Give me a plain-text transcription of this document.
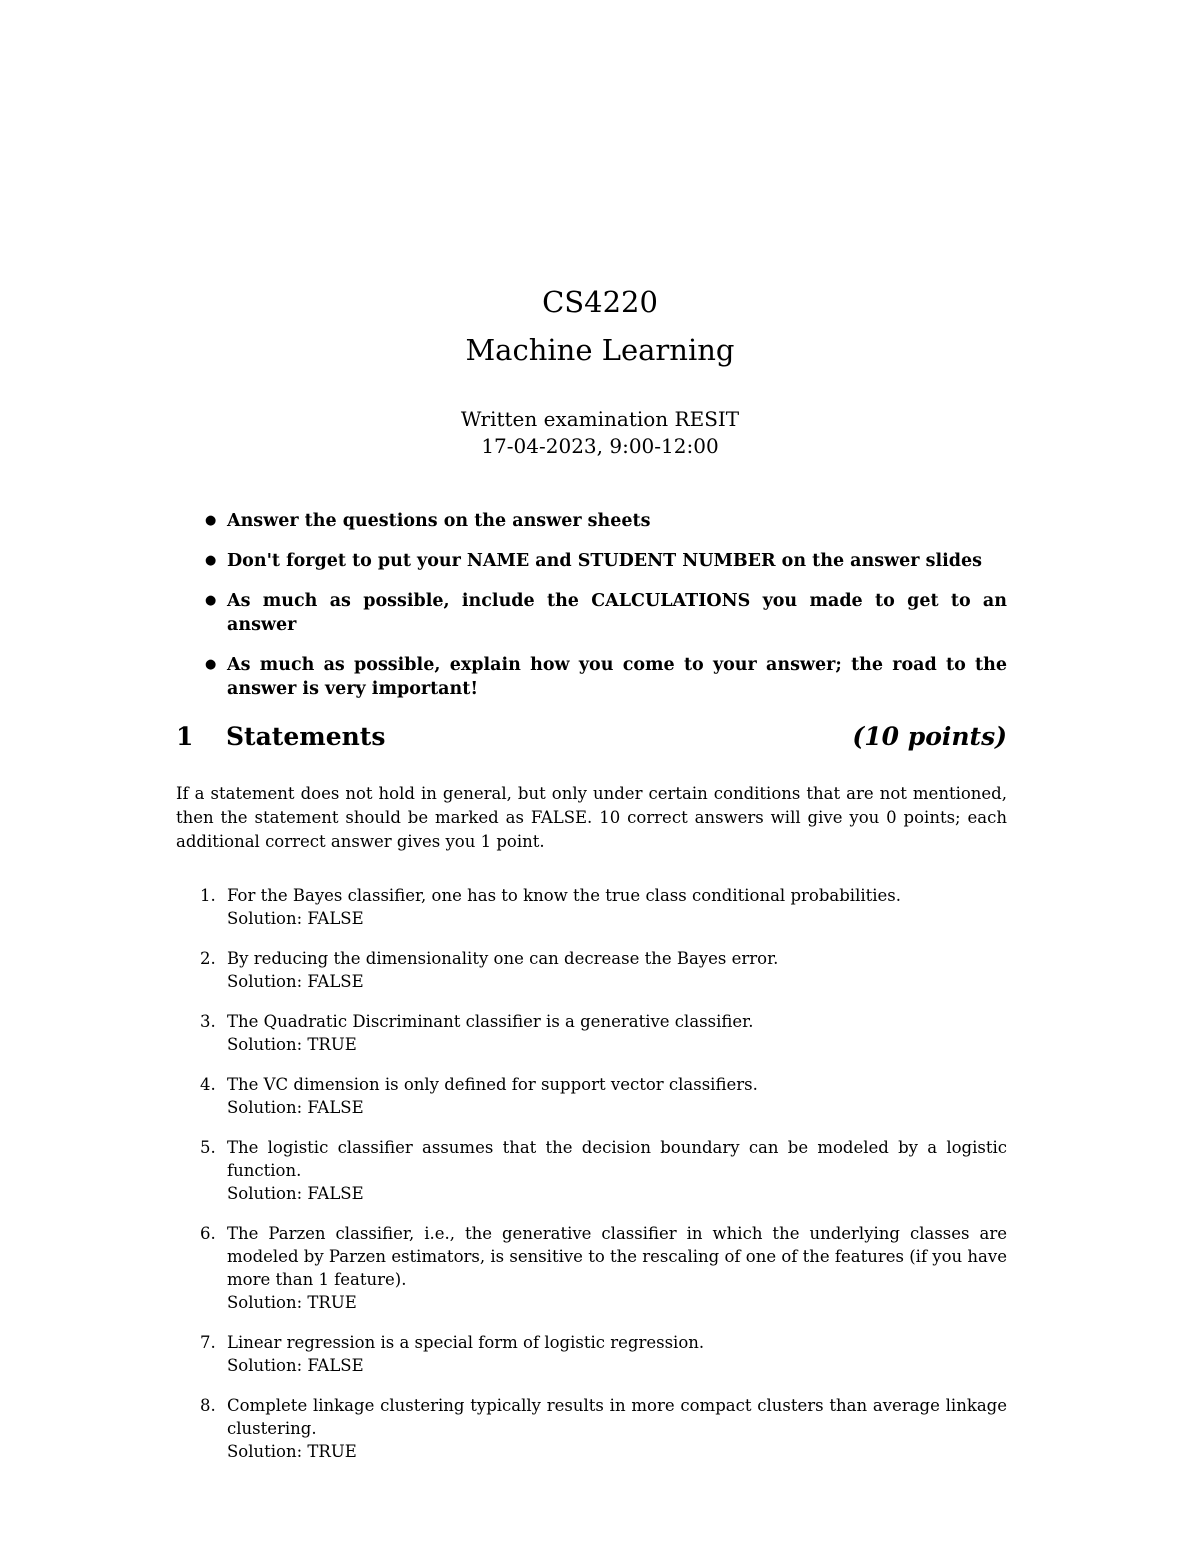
CS4220
Machine Learning
Written examination RESIT
17-04-2023, 9:00-12:00
● Answer the questions on the answer sheets
● Don't forget to put your NAME and STUDENT NUMBER on the answer slides
● As much as possible, include the CALCULATIONS you made to get to an answer
● As much as possible, explain how you come to your answer; the road to the answer is very important!
1 Statements	(10 points)

If a statement does not hold in general, but only under certain conditions that are not mentioned, then the statement should be marked as FALSE. 10 correct answers will give you 0 points; each additional correct answer gives you 1 point.

1. For the Bayes classifier, one has to know the true class conditional probabilities.
Solution: FALSE
2. By reducing the dimensionality one can decrease the Bayes error.
Solution: FALSE
3. The Quadratic Discriminant classifier is a generative classifier.
Solution: TRUE
4. The VC dimension is only defined for support vector classifiers.
Solution: FALSE
5. The logistic classifier assumes that the decision boundary can be modeled by a logistic function.
Solution: FALSE
6. The Parzen classifier, i.e., the generative classifier in which the underlying classes are modeled by Parzen estimators, is sensitive to the rescaling of one of the features (if you have more than 1 feature).
Solution: TRUE
7. Linear regression is a special form of logistic regression.
Solution: FALSE
8. Complete linkage clustering typically results in more compact clusters than average linkage clustering.
Solution: TRUE
